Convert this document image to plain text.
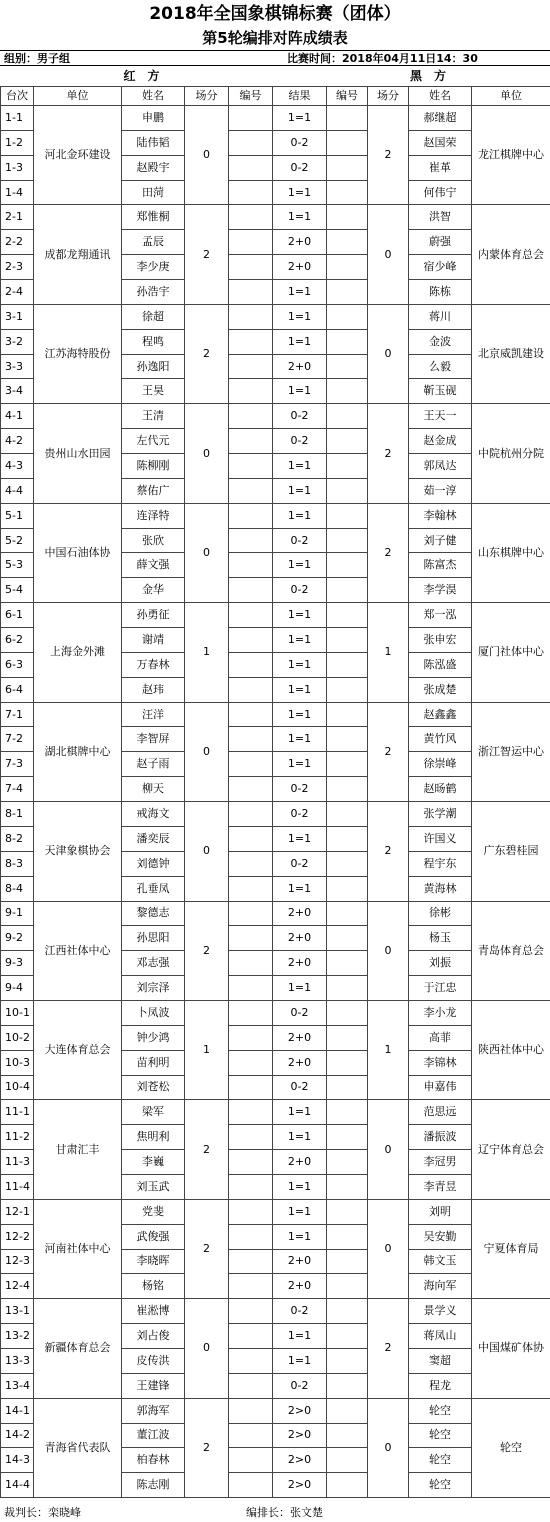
2018年全国象棋锦标赛（团体）
第5轮编排对阵成绩表
组别：男子组	比赛时间：2018年04月11日14：30
红　方	黑　方
台次	单位	姓名	场分	编号	结果	编号	场分	姓名	单位
1-1	河北金环建设	申鹏	0		1=1		2	郝继超	龙江棋牌中心
1-2		陆伟韬			0-2			赵国荣	
1-3		赵殿宇			0-2			崔革	
1-4		田菏			1=1			何伟宁	
2-1	成都龙翔通讯	郑惟桐	2		1=1		0	洪智	内蒙体育总会
2-2		孟辰			2+0			蔚强	
2-3		李少庚			2+0			宿少峰	
2-4		孙浩宇			1=1			陈栋	
3-1	江苏海特股份	徐超	2		1=1		0	蒋川	北京威凯建设
3-2		程鸣			1=1			金波	
3-3		孙逸阳			2+0			么毅	
3-4		王昊			1=1			靳玉砚	
4-1	贵州山水田园	王清	0		0-2		2	王天一	中院杭州分院
4-2		左代元			0-2			赵金成	
4-3		陈柳刚			1=1			郭凤达	
4-4		蔡佑广			1=1			茹一淳	
5-1	中国石油体协	连泽特	0		1=1		2	李翰林	山东棋牌中心
5-2		张欣			0-2			刘子健	
5-3		薛文强			1=1			陈富杰	
5-4		金华			0-2			李学淏	
6-1	上海金外滩	孙勇征	1		1=1		1	郑一泓	厦门社体中心
6-2		谢靖			1=1			张申宏	
6-3		万春林			1=1			陈泓盛	
6-4		赵玮			1=1			张成楚	
7-1	湖北棋牌中心	汪洋	0		1=1		2	赵鑫鑫	浙江智运中心
7-2		李智屏			1=1			黄竹风	
7-3		赵子雨			1=1			徐崇峰	
7-4		柳天			0-2			赵旸鹤	
8-1	天津象棋协会	戒海文	0		0-2		2	张学潮	广东碧桂园
8-2		潘奕辰			1=1			许国义	
8-3		刘德钟			0-2			程宇东	
8-4		孔垂凤			1=1			黄海林	
9-1	江西社体中心	黎德志	2		2+0		0	徐彬	青岛体育总会
9-2		孙思阳			2+0			杨玉	
9-3		邓志强			2+0			刘振	
9-4		刘宗泽			1=1			于江忠	
10-1	大连体育总会	卜凤波	1		0-2		1	李小龙	陕西社体中心
10-2		钟少鸿			2+0			高菲	
10-3		苗利明			2+0			李锦林	
10-4		刘苍松			0-2			申嘉伟	
11-1	甘肃汇丰	梁军	2		1=1		0	范思远	辽宁体育总会
11-2		焦明利			1=1			潘振波	
11-3		李巍			2+0			李冠男	
11-4		刘玉武			1=1			李青昱	
12-1	河南社体中心	党斐	2		1=1		0	刘明	宁夏体育局
12-2		武俊强			1=1			吴安勤	
12-3		李晓晖			2+0			韩文玉	
12-4		杨铭			2+0			海向军	
13-1	新疆体育总会	崔淞博	0		0-2		2	景学义	中国煤矿体协
13-2		刘占俊			1=1			蒋凤山	
13-3		皮传洪			1=1			窦超	
13-4		王建锋			0-2			程龙	
14-1	青海省代表队	郭海军	2		2>0		0	轮空	轮空
14-2		董江波			2>0			轮空	
14-3		柏春林			2>0			轮空	
14-4		陈志刚			2>0			轮空	
裁判长：栾晓峰	编排长：张文楚
